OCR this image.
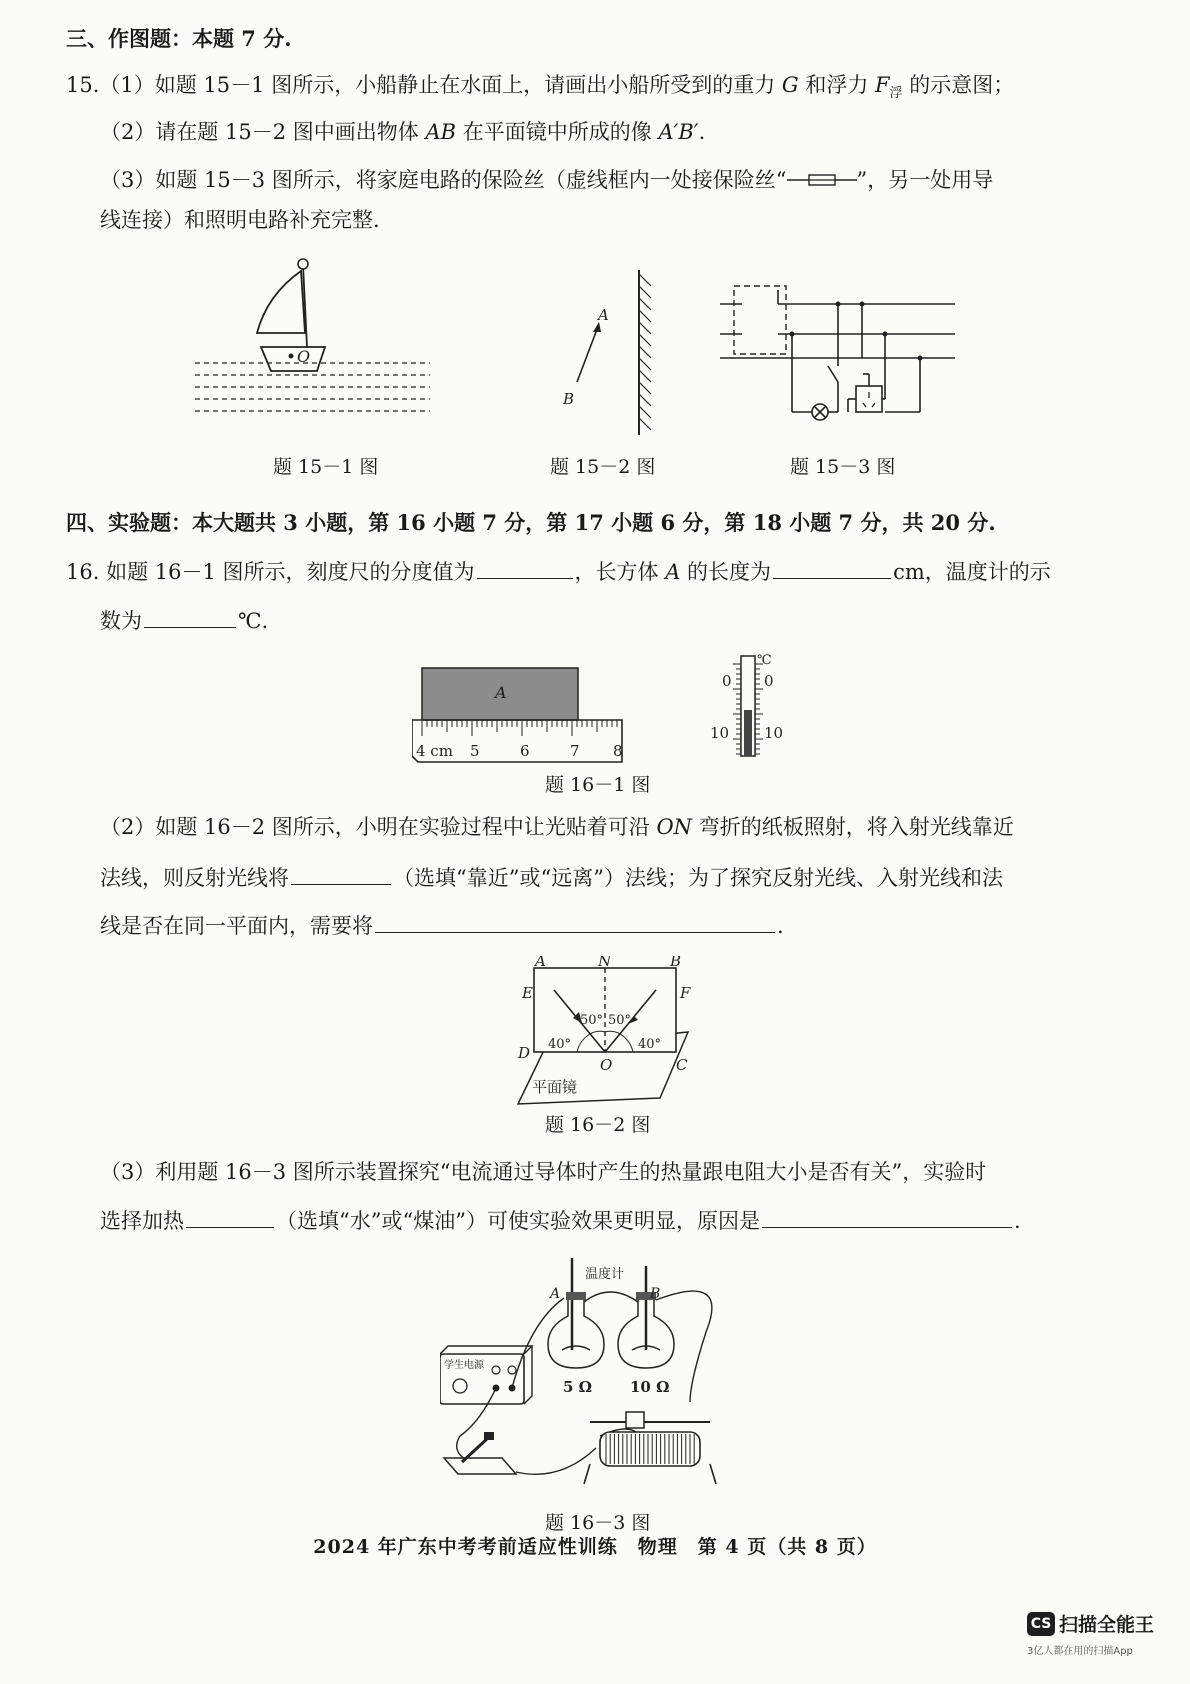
三、作图题：本题 7 分.
15.（1）如题 15－1 图所示，小船静止在水面上，请画出小船所受到的重力 G 和浮力 $F_浮$ 的示意图；
（2）请在题 15－2 图中画出物体 AB 在平面镜中所成的像 A′B′.
（3）如题 15－3 图所示，将家庭电路的保险丝（虚线框内一处接保险丝“	”，另一处用导
线连接）和照明电路补充完整.
O
题 15－1 图
A
B
题 15－2 图	题 15－3 图
四、实验题：本大题共 3 小题，第 16 小题 7 分，第 17 小题 6 分，第 18 小题 7 分，共 20 分.
16. 如题 16－1 图所示，刻度尺的分度值为	，长方体 A 的长度为	cm，温度计的示
数为	℃.
A
4 cm 5	6	7 8
℃
0 0
10 10
题 16－1 图
（2）如题 16－2 图所示，小明在实验过程中让光贴着可沿 ON 弯折的纸板照射，将入射光线靠近
法线，则反射光线将	（选填“靠近”或“远离”）法线；为了探究反射光线、入射光线和法
线是否在同一平面内，需要将	.
A	N	B
E	F
D
C
O
50° 50°
40°	40°
平面镜
题 16－2 图
（3）利用题 16－3 图所示装置探究“电流通过导体时产生的热量跟电阻大小是否有关”，实验时
选择加热	（选填“水”或“煤油”）可使实验效果更明显，原因是	.
学生电源
温度计
A	B
5 Ω	10 Ω
题 16－3 图
2024 年广东中考考前适应性训练　物理　第 4 页（共 8 页）
CS 扫描全能王
3亿人都在用的扫描App
